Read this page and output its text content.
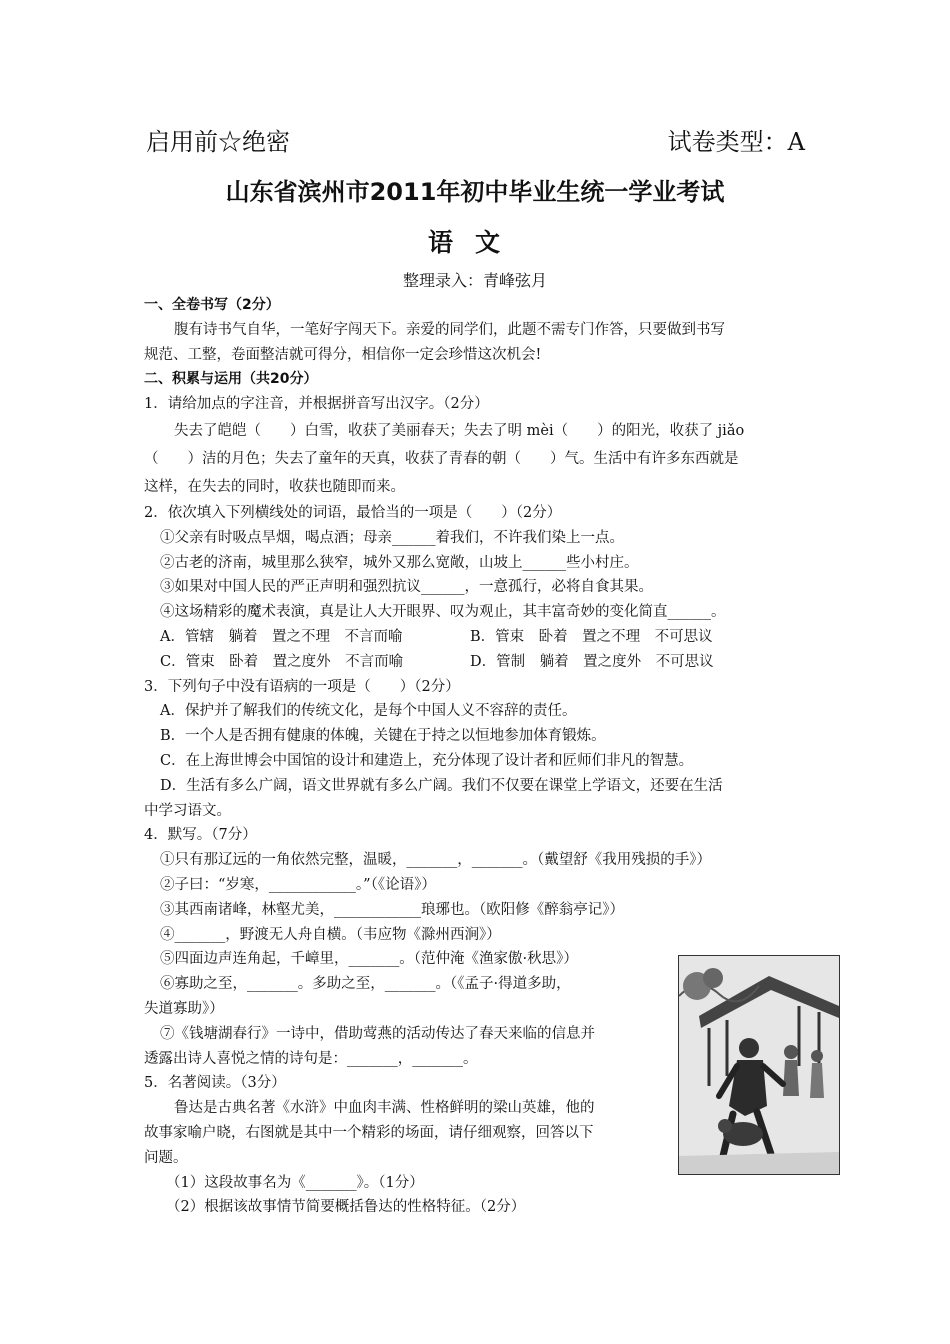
启用前☆绝密	试卷类型：A
山东省滨州市2011年初中毕业生统一学业考试
语文
整理录入：青峰弦月
一、全卷书写（2分）
腹有诗书气自华，一笔好字闯天下。亲爱的同学们，此题不需专门作答，只要做到书写
规范、工整，卷面整洁就可得分，相信你一定会珍惜这次机会!
二、积累与运用（共20分）
1．请给加点的字注音，并根据拼音写出汉字。（2分）
失去了皑皑（　　）白雪，收获了美丽春天；失去了明 mèi（　　）的阳光，收获了 jiǎo
（　　）洁的月色；失去了童年的天真，收获了青春的朝（　　）气。生活中有许多东西就是
这样，在失去的同时，收获也随即而来。
2．依次填入下列横线处的词语，最恰当的一项是（　　）（2分）
①父亲有时吸点旱烟，喝点酒；母亲______着我们，不许我们染上一点。
②古老的济南，城里那么狭窄，城外又那么宽敞，山坡上______些小村庄。
③如果对中国人民的严正声明和强烈抗议______，一意孤行，必将自食其果。
④这场精彩的魔术表演，真是让人大开眼界、叹为观止，其丰富奇妙的变化简直______。
A．管辖　躺着　置之不理　不言而喻	B．管束　卧着　置之不理　不可思议
C．管束　卧着　置之度外　不言而喻	D．管制　躺着　置之度外　不可思议
3．下列句子中没有语病的一项是（　　）（2分）
A．保护并了解我们的传统文化，是每个中国人义不容辞的责任。
B．一个人是否拥有健康的体魄，关键在于持之以恒地参加体育锻炼。
C．在上海世博会中国馆的设计和建造上，充分体现了设计者和匠师们非凡的智慧。
D．生活有多么广阔，语文世界就有多么广阔。我们不仅要在课堂上学语文，还要在生活
中学习语文。
4．默写。（7分）
①只有那辽远的一角依然完整，温暖，_______，_______。（戴望舒《我用残损的手》）
②子曰：“岁寒，____________。”（《论语》）
③其西南诸峰，林壑尤美，____________琅琊也。（欧阳修《醉翁亭记》）
④_______，野渡无人舟自横。（韦应物《滁州西涧》）
⑤四面边声连角起，千嶂里，_______。（范仲淹《渔家傲·秋思》）
⑥寡助之至，_______。多助之至，_______。（《孟子·得道多助，
失道寡助》）
⑦《钱塘湖春行》一诗中，借助莺燕的活动传达了春天来临的信息并
透露出诗人喜悦之情的诗句是：_______，_______。
5．名著阅读。（3分）
鲁达是古典名著《水浒》中血肉丰满、性格鲜明的梁山英雄，他的
故事家喻户晓，右图就是其中一个精彩的场面，请仔细观察，回答以下
问题。
（1）这段故事名为《_______》。（1分）
（2）根据该故事情节简要概括鲁达的性格特征。（2分）
